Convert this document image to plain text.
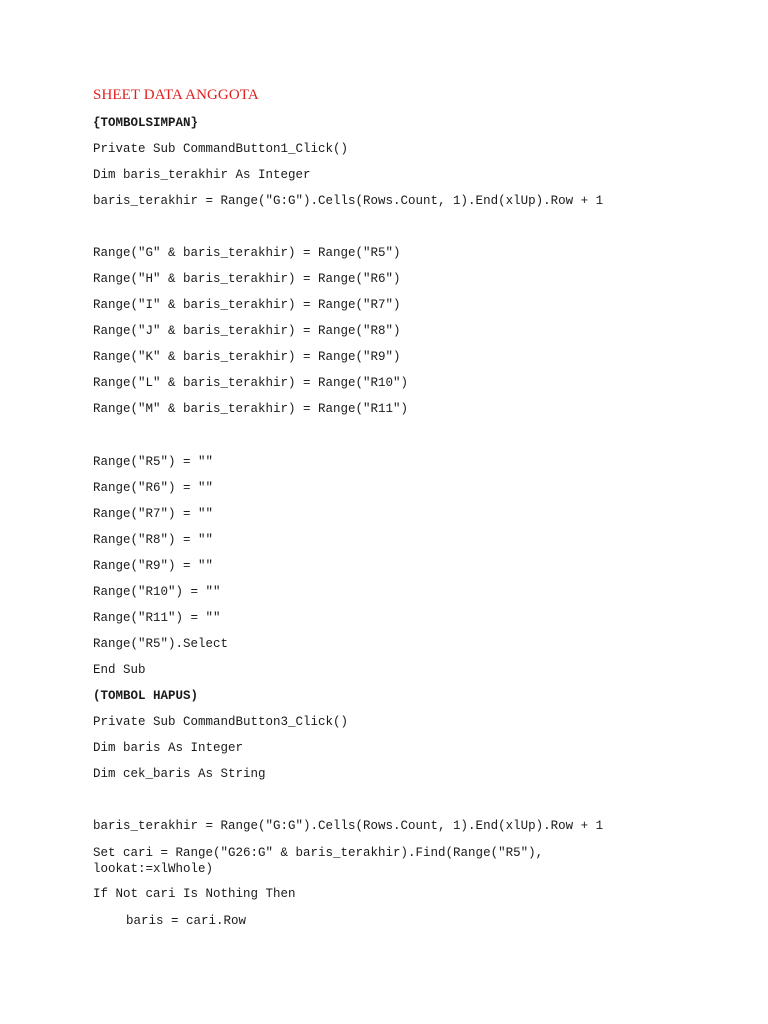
SHEET DATA ANGGOTA
{TOMBOLSIMPAN}
Private Sub CommandButton1_Click()
Dim baris_terakhir As Integer
baris_terakhir = Range("G:G").Cells(Rows.Count, 1).End(xlUp).Row + 1
Range("G" & baris_terakhir) = Range("R5")
Range("H" & baris_terakhir) = Range("R6")
Range("I" & baris_terakhir) = Range("R7")
Range("J" & baris_terakhir) = Range("R8")
Range("K" & baris_terakhir) = Range("R9")
Range("L" & baris_terakhir) = Range("R10")
Range("M" & baris_terakhir) = Range("R11")
Range("R5") = ""
Range("R6") = ""
Range("R7") = ""
Range("R8") = ""
Range("R9") = ""
Range("R10") = ""
Range("R11") = ""
Range("R5").Select
End Sub
(TOMBOL HAPUS)
Private Sub CommandButton3_Click()
Dim baris As Integer
Dim cek_baris As String
baris_terakhir = Range("G:G").Cells(Rows.Count, 1).End(xlUp).Row + 1
Set cari = Range("G26:G" & baris_terakhir).Find(Range("R5"),
lookat:=xlWhole)
If Not cari Is Nothing Then
baris = cari.Row
